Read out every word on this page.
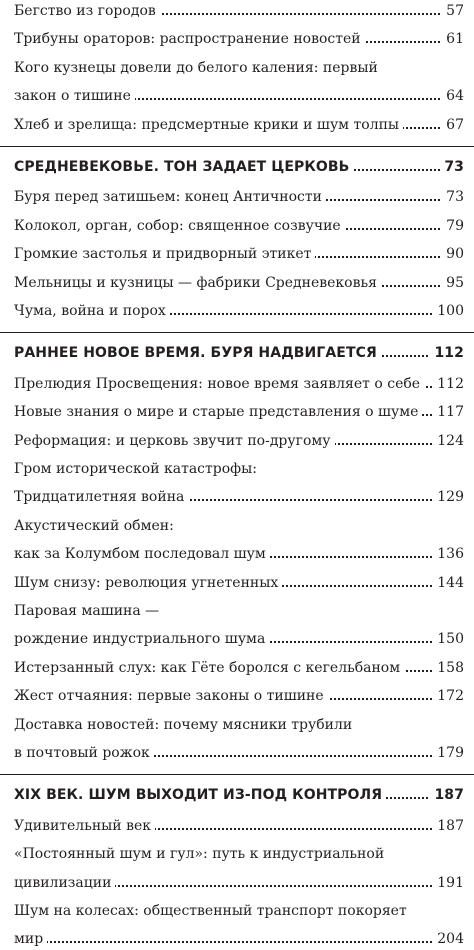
Бегство из городов	57
Трибуны ораторов: распространение новостей	61
Кого кузнецы довели до белого каления: первый
закон о тишине	64
Хлеб и зрелища: предсмертные крики и шум толпы	67
СРЕДНЕВЕКОВЬЕ. ТОН ЗАДАЕТ ЦЕРКОВЬ	73
Буря перед затишьем: конец Античности	73
Колокол, орган, собор: священное созвучие	79
Громкие застолья и придворный этикет	90
Мельницы и кузницы — фабрики Средневековья	95
Чума, война и порох	100
РАННЕЕ НОВОЕ ВРЕМЯ. БУРЯ НАДВИГАЕТСЯ	112
Прелюдия Просвещения: новое время заявляет о себе 112
Новые знания о мире и старые представления о шуме 117
Реформация: и церковь звучит по-другому	124
Гром исторической катастрофы:
Тридцатилетняя война	129
Акустический обмен:
как за Колумбом последовал шум	136
Шум снизу: революция угнетенных	144
Паровая машина —
рождение индустриального шума	150
Истерзанный слух: как Гёте боролся с кегельбаном	158
Жест отчаяния: первые законы о тишине	172
Доставка новостей: почему мясники трубили
в почтовый рожок	179
XIX ВЕК. ШУМ ВЫХОДИТ ИЗ-ПОД КОНТРОЛЯ	187
Удивительный век	187
«Постоянный шум и гул»: путь к индустриальной
цивилизации	191
Шум на колесах: общественный транспорт покоряет
мир	204
